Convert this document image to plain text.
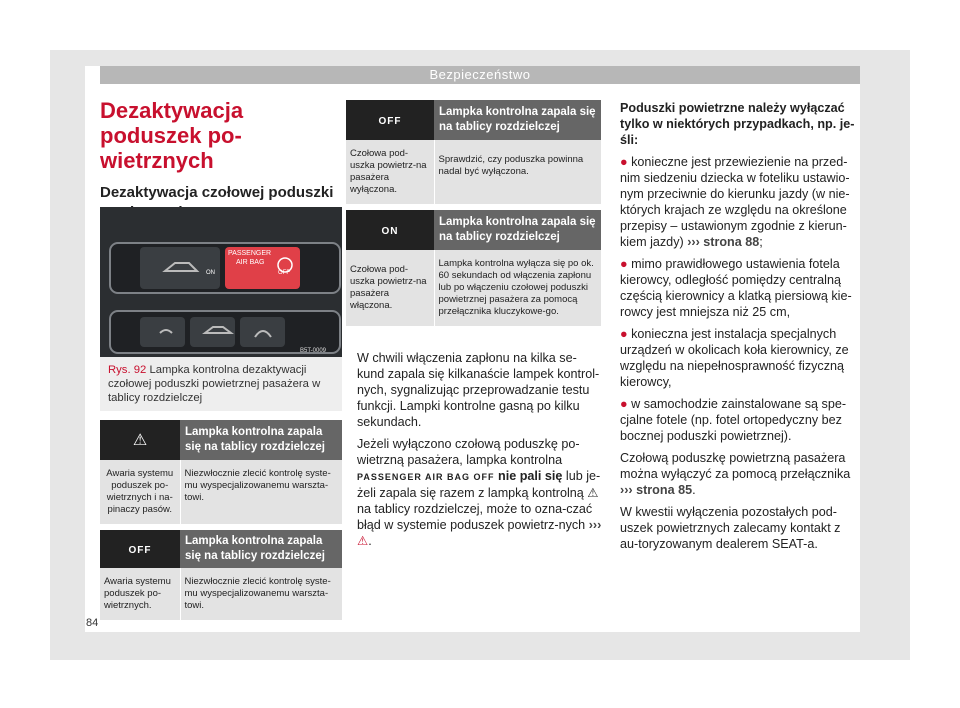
Bezpieczeństwo
Dezaktywacja poduszek po-wietrznych
Dezaktywacja czołowej poduszki
Rys. 92 Lampka kontrolna dezaktywacji czołowej poduszki powietrznej pasażera w tablicy rozdzielczej
B5T-0009
PASSENGER
AIR BAG
OFF
ON
⚠	Lampka kontrolna zapala się na tablicy rozdzielczej
Awaria systemu poduszek po-wietrznych i na-pinaczy pasów.	Niezwłocznie zlecić kontrolę syste-mu wyspecjalizowanemu warszta-towi.
OFF	Lampka kontrolna zapala się na tablicy rozdzielczej
Awaria systemu poduszek po-wietrznych.	Niezwłocznie zlecić kontrolę syste-mu wyspecjalizowanemu warszta-towi.
OFF	Lampka kontrolna zapala się na tablicy rozdzielczej
Czołowa pod-uszka powietrz-na pasażera wyłączona.	Sprawdzić, czy poduszka powinna nadal być wyłączona.
ON	Lampka kontrolna zapala się na tablicy rozdzielczej
Czołowa pod-uszka powietrz-na pasażera włączona.	Lampka kontrolna wyłącza się po ok. 60 sekundach od włączenia zapłonu lub po włączeniu czołowej poduszki powietrznej pasażera za pomocą przełącznika kluczykowe-go.

W chwili włączenia zapłonu na kilka se-kund zapala się kilkanaście lampek kontrol-nych, sygnalizując przeprowadzanie testu funkcji. Lampki kontrolne gasną po kilku sekundach.

Jeżeli wyłączono czołową poduszkę po-wietrzną pasażera, lampka kontrolna PASSENGER AIR BAG OFF nie pali się lub je-żeli zapala się razem z lampką kontrolną ⚠ na tablicy rozdzielczej, może to ozna-czać błąd w systemie poduszek powietrz-nych ››› ⚠.

Poduszki powietrzne należy wyłączać tylko w niektórych przypadkach, np. je-śli:

● konieczne jest przewiezienie na przed-nim siedzeniu dziecka w foteliku ustawio-nym przeciwnie do kierunku jazdy (w nie-których krajach ze względu na określone przepisy – ustawionym zgodnie z kierun-kiem jazdy) ››› strona 88;

● mimo prawidłowego ustawienia fotela kierowcy, odległość pomiędzy centralną częścią kierownicy a klatką piersiową kie-rowcy jest mniejsza niż 25 cm,

● konieczna jest instalacja specjalnych urządzeń w okolicach koła kierownicy, ze względu na niepełnosprawność fizyczną kierowcy,

● w samochodzie zainstalowane są spe-cjalne fotele (np. fotel ortopedyczny bez bocznej poduszki powietrznej).

Czołową poduszkę powietrzną pasażera można wyłączyć za pomocą przełącznika ››› strona 85.

W kwestii wyłączenia pozostałych pod-uszek powietrznych zalecamy kontakt z au-toryzowanym dealerem SEAT-a.

84
